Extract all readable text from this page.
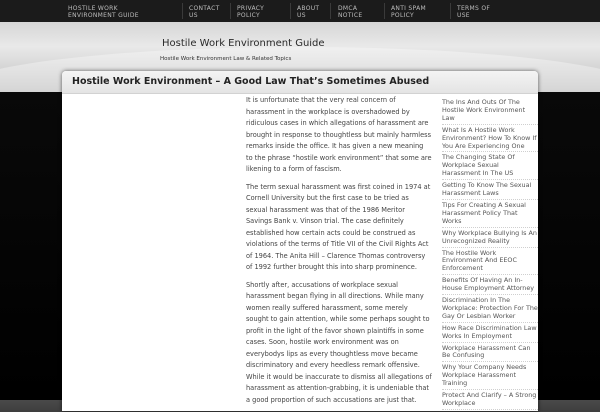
HOSTILE WORK ENVIRONMENT GUIDE
CONTACT US
PRIVACY POLICY
ABOUT US
DMCA NOTICE
ANTI SPAM POLICY
TERMS OF USE
Hostile Work Environment Guide
Hostile Work Environment Law & Related Topics
Hostile Work Environment – A Good Law That’s Sometimes Abused

It is unfortunate that the very real concern of harassment in the workplace is overshadowed by ridiculous cases in which allegations of harassment are brought in response to thoughtless but mainly harmless remarks inside the office. It has given a new meaning to the phrase “hostile work environment” that some are likening to a form of fascism.

The term sexual harassment was first coined in 1974 at Cornell University but the first case to be tried as sexual harassment was that of the 1986 Meritor Savings Bank v. Vinson trial. The case definitely established how certain acts could be construed as violations of the terms of Title VII of the Civil Rights Act of 1964. The Anita Hill – Clarence Thomas controversy of 1992 further brought this into sharp prominence.

Shortly after, accusations of workplace sexual harassment began flying in all directions. While many women really suffered harassment, some merely sought to gain attention, while some perhaps sought to profit in the light of the favor shown plaintiffs in some cases. Soon, hostile work environment was on everybodys lips as every thoughtless move became discriminatory and every heedless remark offensive. While it would be inaccurate to dismiss all allegations of harassment as attention-grabbing, it is undeniable that a good proportion of such accusations are just that.

The Ins And Outs Of The Hostile Work Environment Law
What Is A Hostile Work Environment? How To Know If You Are Experiencing One
The Changing State Of Workplace Sexual Harassment In The US
Getting To Know The Sexual Harassment Laws
Tips For Creating A Sexual Harassment Policy That Works
Why Workplace Bullying Is An Unrecognized Reality
The Hostile Work Environment And EEOC Enforcement
Benefits Of Having An In-House Employment Attorney
Discrimination In The Workplace: Protection For The Gay Or Lesbian Worker
How Race Discrimination Law Works In Employment
Workplace Harassment Can Be Confusing
Why Your Company Needs Workplace Harassment Training
Protect And Clarify – A Strong Workplace
